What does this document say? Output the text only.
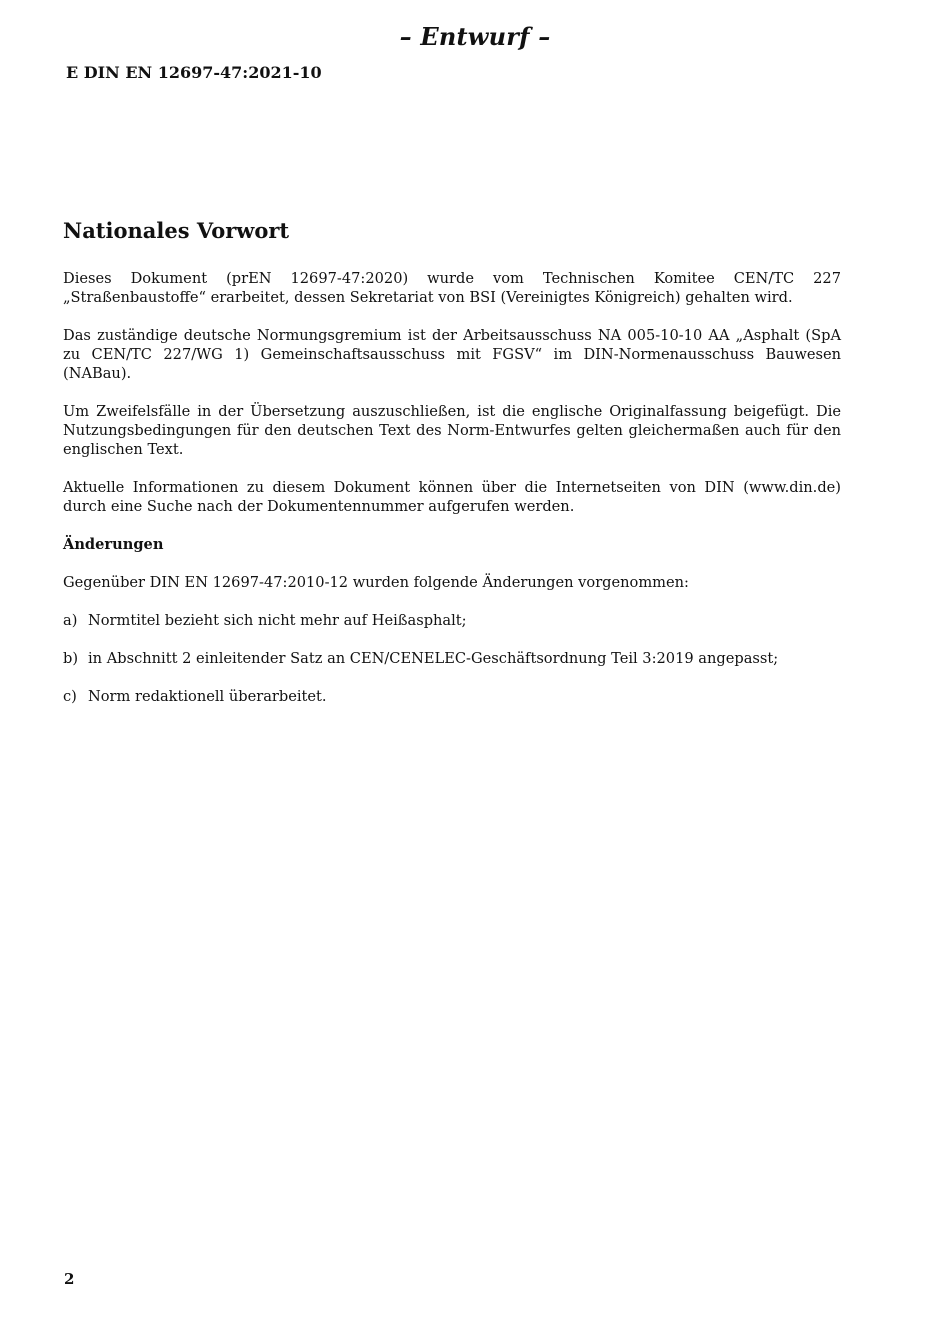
– Entwurf –
E DIN EN 12697-47:2021-10
Nationales Vorwort

Dieses Dokument (prEN 12697-47:2020) wurde vom Technischen Komitee CEN/TC 227 „Straßenbaustoffe“ erarbeitet, dessen Sekretariat von BSI (Vereinigtes Königreich) gehalten wird.

Das zuständige deutsche Normungsgremium ist der Arbeitsausschuss NA 005-10-10 AA „Asphalt (SpA zu CEN/TC 227/WG 1) Gemeinschaftsausschuss mit FGSV“ im DIN-Normenausschuss Bauwesen (NABau).

Um Zweifelsfälle in der Übersetzung auszuschließen, ist die englische Originalfassung beigefügt. Die Nutzungsbedingungen für den deutschen Text des Norm-Entwurfes gelten gleichermaßen auch für den englischen Text.

Aktuelle Informationen zu diesem Dokument können über die Internetseiten von DIN (www.din.de) durch eine Suche nach der Dokumentennummer aufgerufen werden.

Änderungen

Gegenüber DIN EN 12697-47:2010-12 wurden folgende Änderungen vorgenommen:

a) Normtitel bezieht sich nicht mehr auf Heißasphalt;
b) in Abschnitt 2 einleitender Satz an CEN/CENELEC-Geschäftsordnung Teil 3:2019 angepasst;
c) Norm redaktionell überarbeitet.
2
